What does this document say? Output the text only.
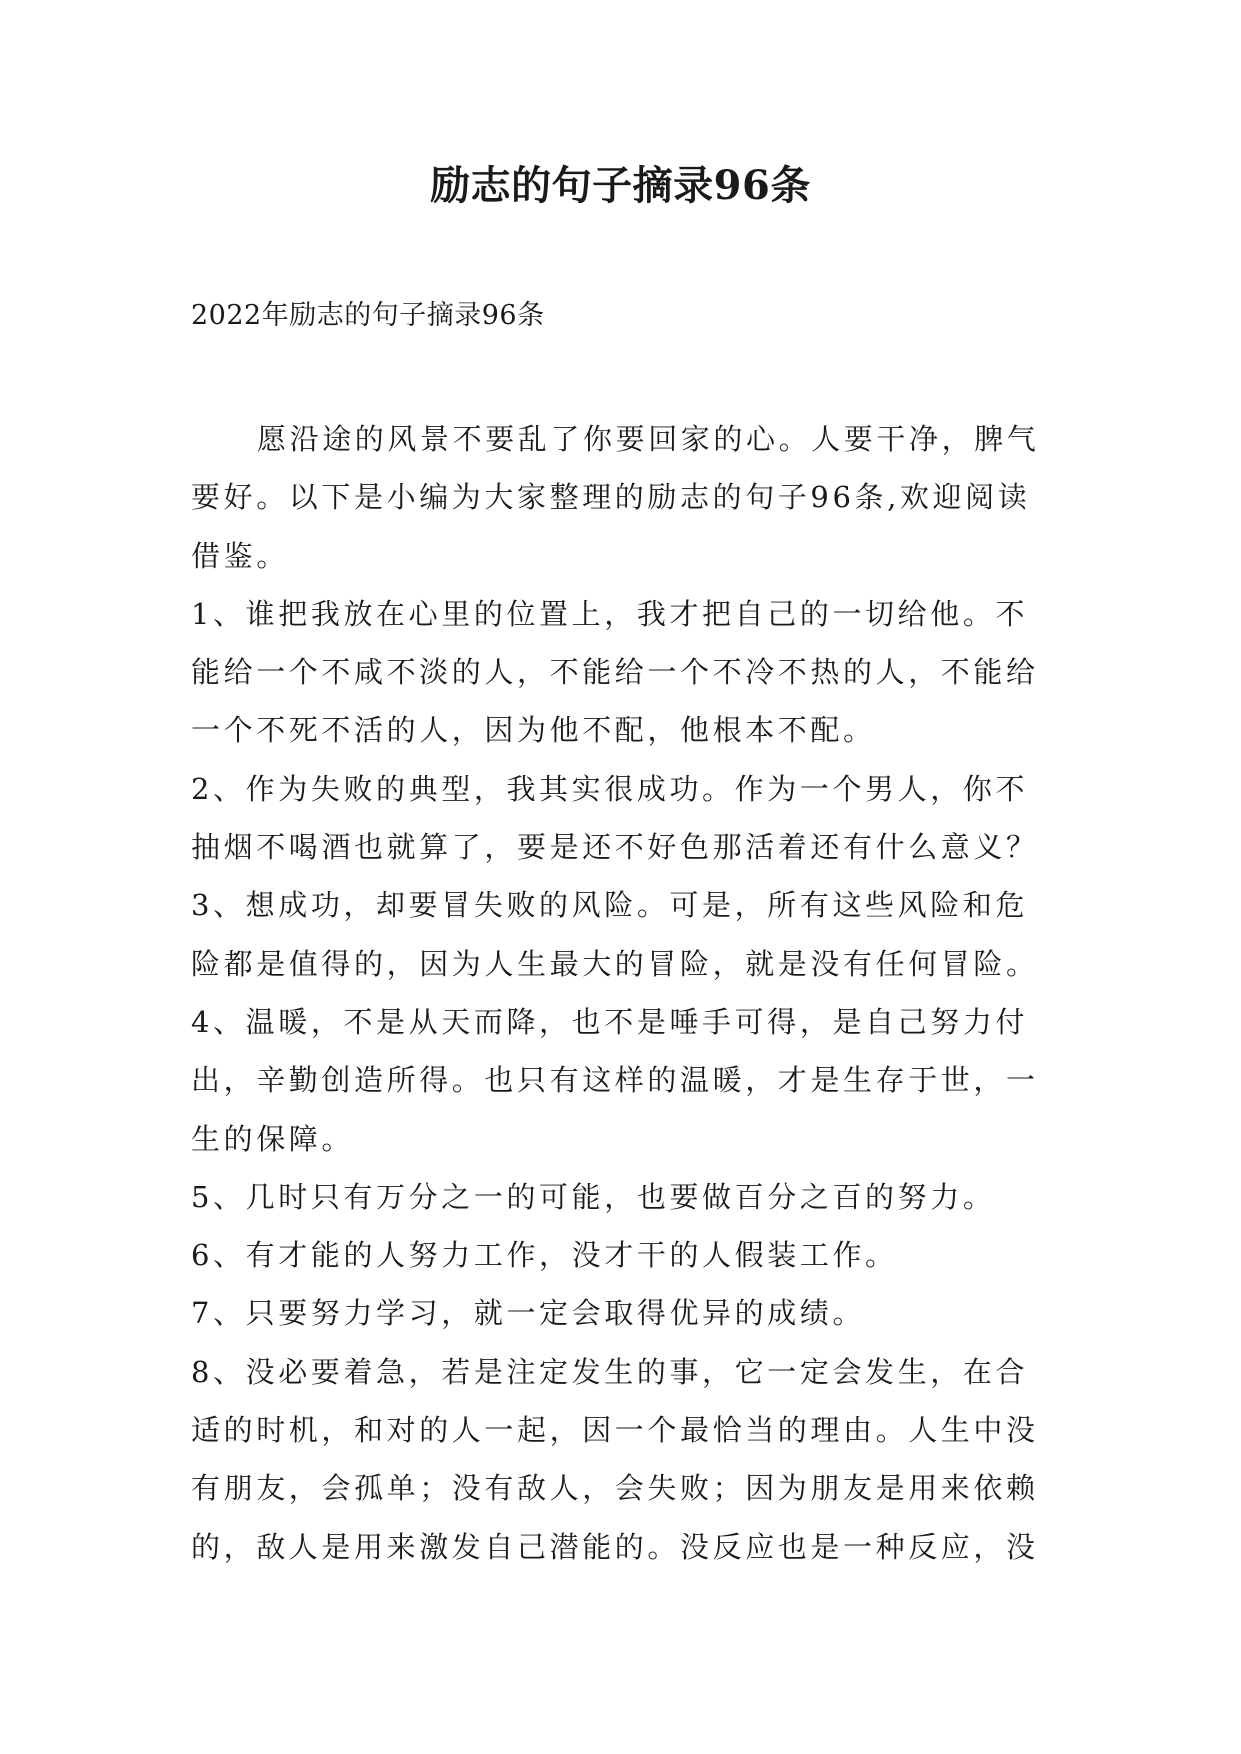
励志的句子摘录96条
2022年励志的句子摘录96条
愿沿途的风景不要乱了你要回家的心。人要干净，脾气
要好。以下是小编为大家整理的励志的句子96条,欢迎阅读
借鉴。
1、谁把我放在心里的位置上，我才把自己的一切给他。不
能给一个不咸不淡的人，不能给一个不冷不热的人，不能给
一个不死不活的人，因为他不配，他根本不配。
2、作为失败的典型，我其实很成功。作为一个男人，你不
抽烟不喝酒也就算了，要是还不好色那活着还有什么意义？
3、想成功，却要冒失败的风险。可是，所有这些风险和危
险都是值得的，因为人生最大的冒险，就是没有任何冒险。
4、温暖，不是从天而降，也不是唾手可得，是自己努力付
出，辛勤创造所得。也只有这样的温暖，才是生存于世，一
生的保障。
5、几时只有万分之一的可能，也要做百分之百的努力。
6、有才能的人努力工作，没才干的人假装工作。
7、只要努力学习，就一定会取得优异的成绩。
8、没必要着急，若是注定发生的事，它一定会发生，在合
适的时机，和对的人一起，因一个最恰当的理由。人生中没
有朋友，会孤单；没有敌人，会失败；因为朋友是用来依赖
的，敌人是用来激发自己潜能的。没反应也是一种反应，没
